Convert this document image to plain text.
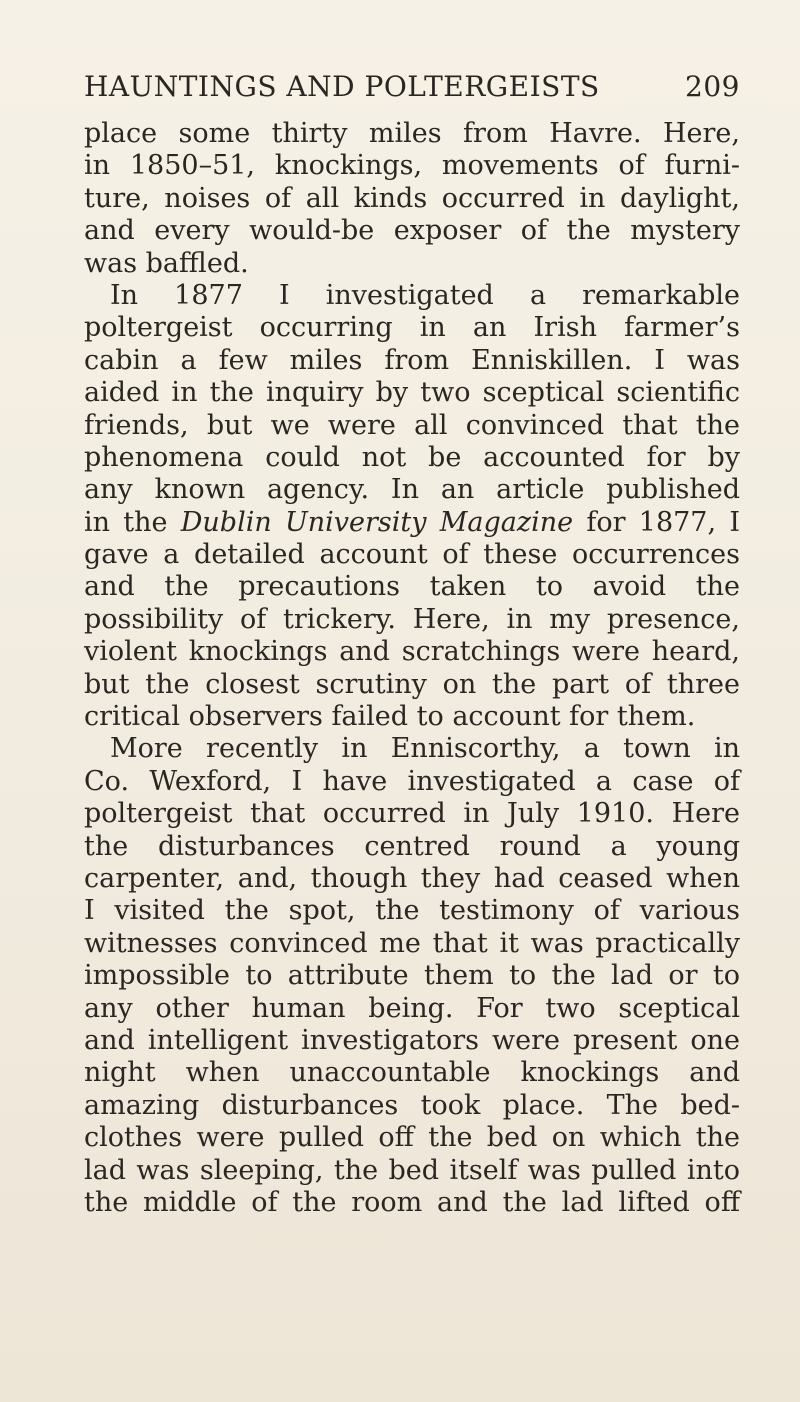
HAUNTINGS AND POLTERGEISTS	209
place some thirty miles from Havre. Here,
in 1850–51, knockings, movements of furni-
ture, noises of all kinds occurred in daylight,
and every would-be exposer of the mystery
was baffled.
In 1877 I investigated a remarkable
poltergeist occurring in an Irish farmer’s
cabin a few miles from Enniskillen. I was
aided in the inquiry by two sceptical scientific
friends, but we were all convinced that the
phenomena could not be accounted for by
any known agency. In an article published
in the Dublin University Magazine for 1877, I
gave a detailed account of these occurrences
and the precautions taken to avoid the
possibility of trickery. Here, in my presence,
violent knockings and scratchings were heard,
but the closest scrutiny on the part of three
critical observers failed to account for them.
More recently in Enniscorthy, a town in
Co. Wexford, I have investigated a case of
poltergeist that occurred in July 1910. Here
the disturbances centred round a young
carpenter, and, though they had ceased when
I visited the spot, the testimony of various
witnesses convinced me that it was practically
impossible to attribute them to the lad or to
any other human being. For two sceptical
and intelligent investigators were present one
night when unaccountable knockings and
amazing disturbances took place. The bed-
clothes were pulled off the bed on which the
lad was sleeping, the bed itself was pulled into
the middle of the room and the lad lifted off
